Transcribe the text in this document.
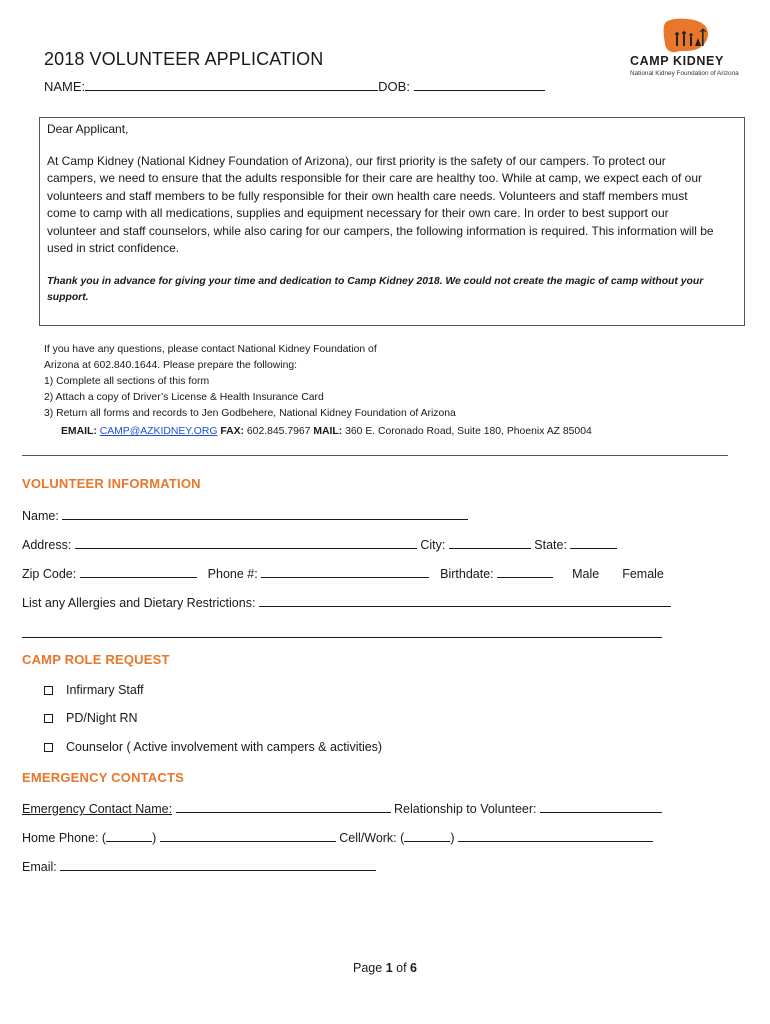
2018 VOLUNTEER APPLICATION
NAME:	DOB:
CAMP KIDNEY
National Kidney Foundation of Arizona
Dear Applicant,
At Camp Kidney (National Kidney Foundation of Arizona), our first priority is the safety of our campers. To protect our campers, we need to ensure that the adults responsible for their care are healthy too. While at camp, we expect each of our volunteers and staff members to be fully responsible for their own health care needs. Volunteers and staff members must come to camp with all medications, supplies and equipment necessary for their own care. In order to best support our volunteer and staff counselors, while also caring for our campers, the following information is required. This information will be used in strict confidence.
Thank you in advance for giving your time and dedication to Camp Kidney 2018. We could not create the magic of camp without your support.
If you have any questions, please contact National Kidney Foundation of
Arizona at 602.840.1644. Please prepare the following:
1) Complete all sections of this form
2) Attach a copy of Driver’s License & Health Insurance Card
3) Return all forms and records to Jen Godbehere, National Kidney Foundation of Arizona
EMAIL: CAMP@AZKIDNEY.ORG FAX: 602.845.7967 MAIL: 360 E. Coronado Road, Suite 180, Phoenix AZ 85004
VOLUNTEER INFORMATION
Name:
Address:	City:	State:
Zip Code:	Phone #:	Birthdate:	Male Female
List any Allergies and Dietary Restrictions:
CAMP ROLE REQUEST
Infirmary Staff
PD/Night RN
Counselor ( Active involvement with campers & activities)
EMERGENCY CONTACTS
Emergency Contact Name:	Relationship to Volunteer:
Home Phone: (	)	Cell/Work: (	)
Email:
Page 1 of 6
